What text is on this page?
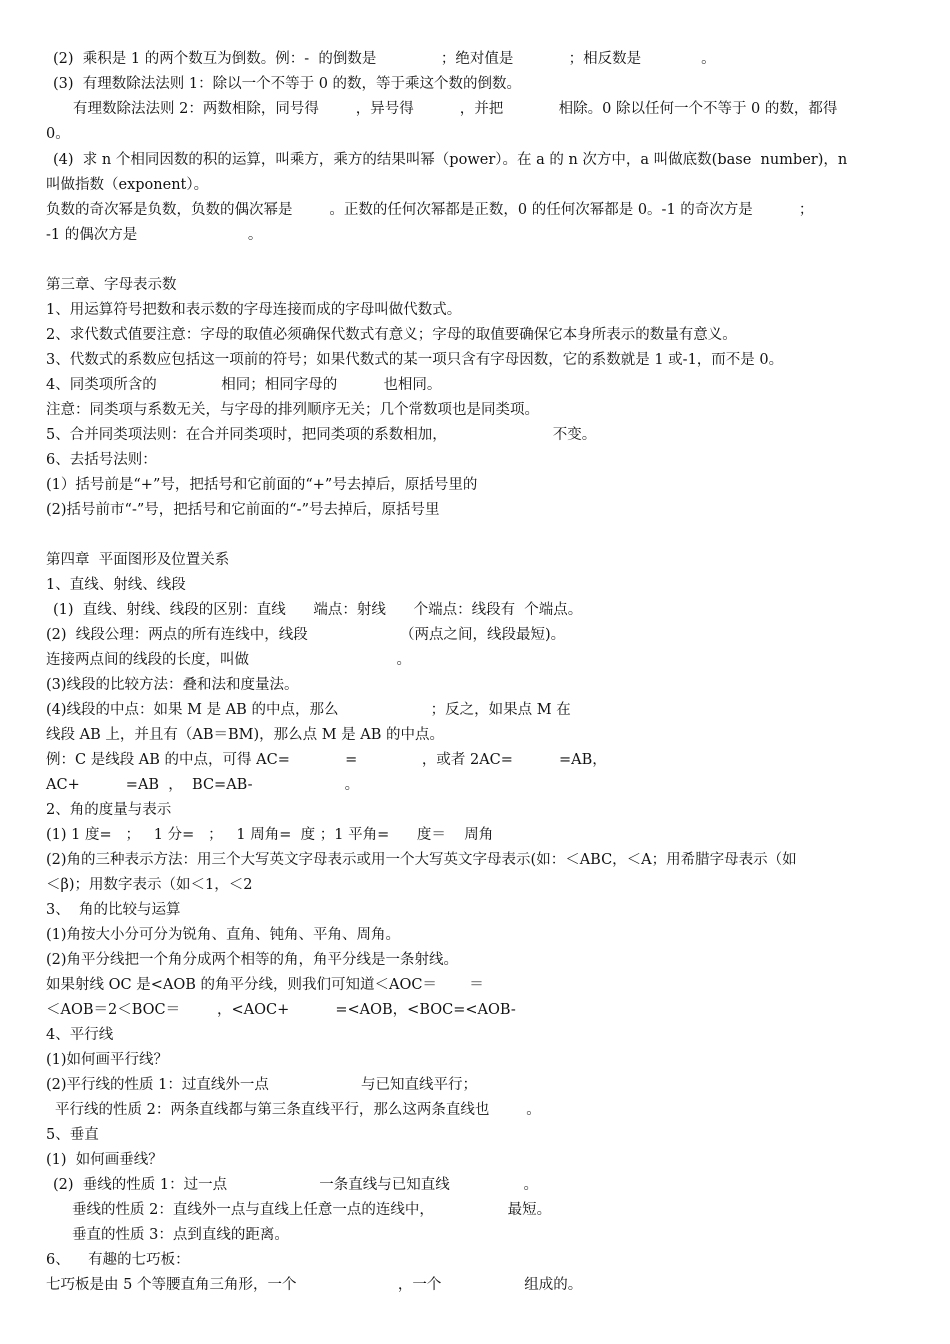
(2)  乘积是 1 的两个数互为倒数。例：-  的倒数是              ；绝对值是            ；相反数是             。

(3)  有理数除法法则 1：除以一个不等于 0 的数，等于乘这个数的倒数。

有理数除法法则 2：两数相除，同号得        ，异号得          ，并把            相除。0 除以任何一个不等于 0 的数，都得

0。

(4)  求 n 个相同因数的积的运算，叫乘方，乘方的结果叫幂（power）。在 a 的 n 次方中，a 叫做底数(base  number)，n

叫做指数（exponent）。

负数的奇次幂是负数，负数的偶次幂是        。正数的任何次幂都是正数，0 的任何次幂都是 0。-1 的奇次方是          ；

-1 的偶次方是                        。

第三章、字母表示数

1、用运算符号把数和表示数的字母连接而成的字母叫做代数式。

2、求代数式值要注意：字母的取值必须确保代数式有意义；字母的取值要确保它本身所表示的数量有意义。

3、代数式的系数应包括这一项前的符号；如果代数式的某一项只含有字母因数，它的系数就是 1 或-1，而不是 0。

4、同类项所含的              相同；相同字母的          也相同。

注意：同类项与系数无关，与字母的排列顺序无关；几个常数项也是同类项。

5、合并同类项法则：在合并同类项时，把同类项的系数相加，                       不变。

6、去括号法则：

(1）括号前是“+”号，把括号和它前面的“+”号去掉后，原括号里的

(2)括号前市“-”号，把括号和它前面的“-”号去掉后，原括号里

第四章  平面图形及位置关系

1、直线、射线、线段

(1)  直线、射线、线段的区别：直线      端点：射线      个端点：线段有  个端点。

(2)  线段公理：两点的所有连线中，线段                    （两点之间，线段最短)。

连接两点间的线段的长度，叫做                                。

(3)线段的比较方法：叠和法和度量法。

(4)线段的中点：如果 M 是 AB 的中点，那么                    ；反之，如果点 M 在

线段 AB 上，并且有（AB＝BM)，那么点 M 是 AB 的中点。

例：C 是线段 AB 的中点，可得 AC=            =              ，或者 2AC=          =AB，

AC+          =AB  ，  BC=AB-                    。

2、角的度量与表示

(1) 1 度=   ；   1 分=   ；   1 周角=  度 ；1 平角=      度＝    周角

(2)角的三种表示方法：用三个大写英文字母表示或用一个大写英文字母表示(如：＜ABC，＜A；用希腊字母表示（如

＜β)；用数字表示（如＜1，＜2

3、  角的比较与运算

(1)角按大小分可分为锐角、直角、钝角、平角、周角。

(2)角平分线把一个角分成两个相等的角，角平分线是一条射线。

如果射线 OC 是<AOB 的角平分线，则我们可知道＜AOC＝       ＝

＜AOB＝2＜BOC＝        ，<AOC+          =<AOB，<BOC=<AOB-

4、平行线

(1)如何画平行线？

(2)平行线的性质 1：过直线外一点                    与已知直线平行；

平行线的性质 2：两条直线都与第三条直线平行，那么这两条直线也        。

5、垂直

(1)  如何画垂线？

(2)  垂线的性质 1：过一点                    一条直线与已知直线                。

垂线的性质 2：直线外一点与直线上任意一点的连线中，                最短。

垂直的性质 3：点到直线的距离。

6、    有趣的七巧板：

七巧板是由 5 个等腰直角三角形，一个                      ，一个                  组成的。
